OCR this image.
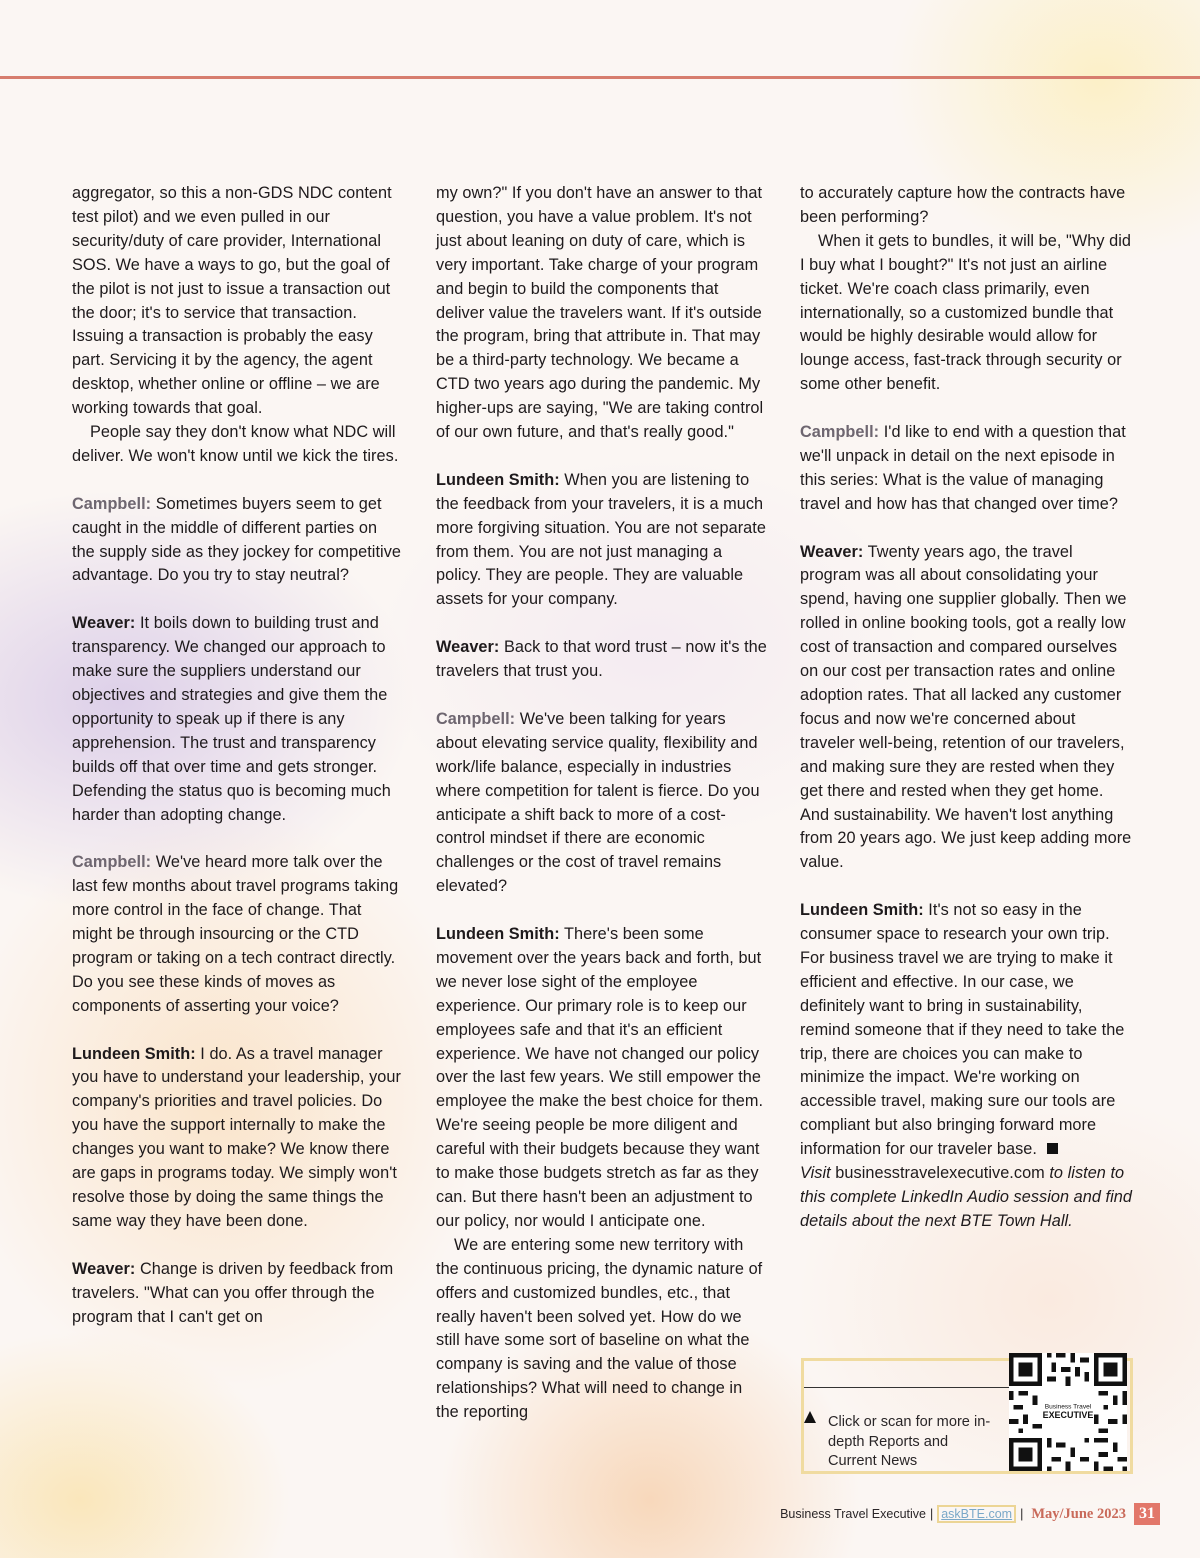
aggregator, so this a non-GDS NDC content test pilot) and we even pulled in our security/duty of care provider, International SOS. We have a ways to go, but the goal of the pilot is not just to issue a transaction out the door; it's to service that transaction. Issuing a transaction is probably the easy part. Servicing it by the agency, the agent desktop, whether online or offline – we are working towards that goal.

People say they don't know what NDC will deliver. We won't know until we kick the tires.

Campbell: Sometimes buyers seem to get caught in the middle of different parties on the supply side as they jockey for competitive advantage. Do you try to stay neutral?

Weaver: It boils down to building trust and transparency. We changed our approach to make sure the suppliers understand our objectives and strategies and give them the opportunity to speak up if there is any apprehension. The trust and transparency builds off that over time and gets stronger. Defending the status quo is becoming much harder than adopting change.

Campbell: We've heard more talk over the last few months about travel programs taking more control in the face of change. That might be through insourcing or the CTD program or taking on a tech contract directly. Do you see these kinds of moves as components of asserting your voice?

Lundeen Smith: I do. As a travel manager you have to understand your leadership, your company's priorities and travel policies. Do you have the support internally to make the changes you want to make? We know there are gaps in programs today. We simply won't resolve those by doing the same things the same way they have been done.

Weaver: Change is driven by feedback from travelers. "What can you offer through the program that I can't get on

my own?" If you don't have an answer to that question, you have a value problem. It's not just about leaning on duty of care, which is very important. Take charge of your program and begin to build the components that deliver value the travelers want. If it's outside the program, bring that attribute in. That may be a third-party technology. We became a CTD two years ago during the pandemic. My higher-ups are saying, "We are taking control of our own future, and that's really good."

Lundeen Smith: When you are listening to the feedback from your travelers, it is a much more forgiving situation. You are not separate from them. You are not just managing a policy. They are people. They are valuable assets for your company.

Weaver: Back to that word trust – now it's the travelers that trust you.

Campbell: We've been talking for years about elevating service quality, flexibility and work/life balance, especially in industries where competition for talent is fierce. Do you anticipate a shift back to more of a cost-control mindset if there are economic challenges or the cost of travel remains elevated?

Lundeen Smith: There's been some movement over the years back and forth, but we never lose sight of the employee experience. Our primary role is to keep our employees safe and that it's an efficient experience. We have not changed our policy over the last few years. We still empower the employee the make the best choice for them. We're seeing people be more diligent and careful with their budgets because they want to make those budgets stretch as far as they can. But there hasn't been an adjustment to our policy, nor would I anticipate one.

We are entering some new territory with the continuous pricing, the dynamic nature of offers and customized bundles, etc., that really haven't been solved yet. How do we still have some sort of baseline on what the company is saving and the value of those relationships? What will need to change in the reporting

to accurately capture how the contracts have been performing?

When it gets to bundles, it will be, "Why did I buy what I bought?" It's not just an airline ticket. We're coach class primarily, even internationally, so a customized bundle that would be highly desirable would allow for lounge access, fast-track through security or some other benefit.

Campbell: I'd like to end with a question that we'll unpack in detail on the next episode in this series: What is the value of managing travel and how has that changed over time?

Weaver: Twenty years ago, the travel program was all about consolidating your spend, having one supplier globally. Then we rolled in online booking tools, got a really low cost of transaction and compared ourselves on our cost per transaction rates and online adoption rates. That all lacked any customer focus and now we're concerned about traveler well-being, retention of our travelers, and making sure they are rested when they get there and rested when they get home. And sustainability. We haven't lost anything from 20 years ago. We just keep adding more value.

Lundeen Smith: It's not so easy in the consumer space to research your own trip. For business travel we are trying to make it efficient and effective. In our case, we definitely want to bring in sustainability, remind someone that if they need to take the trip, there are choices you can make to minimize the impact. We're working on accessible travel, making sure our tools are compliant but also bringing forward more information for our traveler base.

Visit businesstravelexecutive.com to listen to this complete LinkedIn Audio session and find details about the next BTE Town Hall.

Click or scan for more in-depth Reports and Current News
Business Travel
EXECUTIVE
Business Travel Executive | askBTE.com | May/June 2023 31
